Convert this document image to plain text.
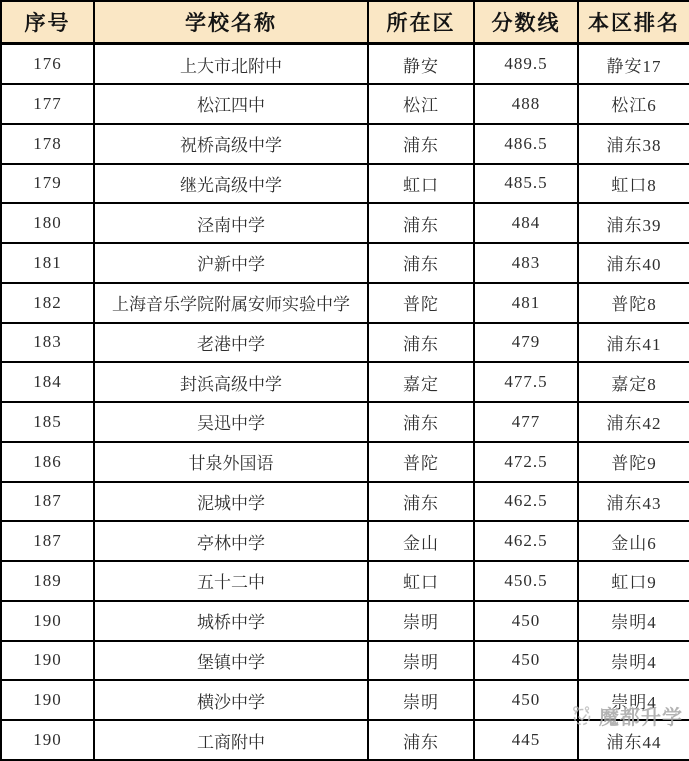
序号	学校名称	所在区	分数线	本区排名
176	上大市北附中	静安	489.5	静安17
177	松江四中	松江	488	松江6
178	祝桥高级中学	浦东	486.5	浦东38
179	继光高级中学	虹口	485.5	虹口8
180	泾南中学	浦东	484	浦东39
181	沪新中学	浦东	483	浦东40
182	上海音乐学院附属安师实验中学	普陀	481	普陀8
183	老港中学	浦东	479	浦东41
184	封浜高级中学	嘉定	477.5	嘉定8
185	吴迅中学	浦东	477	浦东42
186	甘泉外国语	普陀	472.5	普陀9
187	泥城中学	浦东	462.5	浦东43
187	亭林中学	金山	462.5	金山6
189	五十二中	虹口	450.5	虹口9
190	城桥中学	崇明	450	崇明4
190	堡镇中学	崇明	450	崇明4
190	横沙中学	崇明	450	崇明4
190	工商附中	浦东	445	浦东44
魔都升学
